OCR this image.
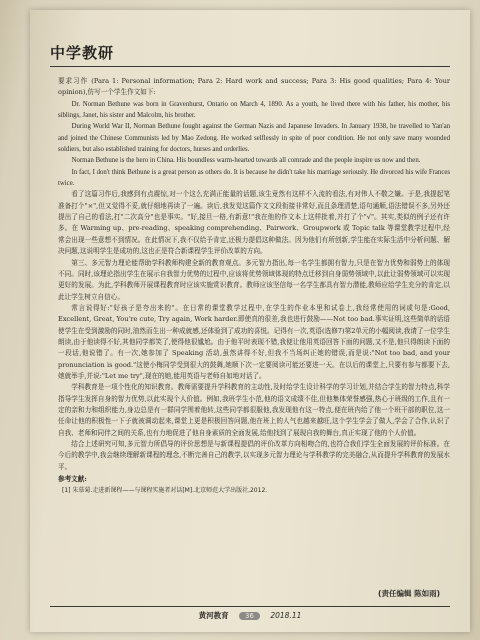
中学教研

要求习作 (Para 1: Personal information; Para 2: Hard work and success; Para 3: His good qualities; Para 4: Your opinion),仿写一个学生作文如下:

Dr. Norman Bethune was born in Gravenhurst, Ontario on March 4, 1890. As a youth, he lived there with his father, his mother, his siblings, Janet, his sister and Malcolm, his brother.

During World War II, Norman Bethune fought against the German Nazis and Japanese Invaders. In January 1938, he travelled to Yan'an and joined the Chinese Communists led by Mao Zedong. He worked selflessly in spite of poor condition. He not only save many wounded soldiers, but also established training for doctors, hurses and orderlies.

Norman Bethune is the hero in China. His boundless warm-hearted towards all comrade and the people inspire us now and then.

In fact, I don't think Bethune is a great person as others do. It is because he didn't take his marriage seriously. He divorced his wife Frances twice.

看了这篇习作后,我感到有点震惊,对一个这么充满正能量的话题,该生竟然有这样不入流的看法,有对伟人不敬之嫌。于是,我提起笔准备打个"×",但又觉得不妥,就仔细地再读了一遍。读后,我发觉这篇作文文段衔接非常好,而且条理清楚,语句通顺,语法错误不多,另外还提出了自己的看法,打"二次高分"也是事实。"好,接旦一格,有新意!"我在他的作文本上这样批着,并打了个"√"。其实,类似的例子还有许多。在 Warming up、pre-reading、speaking comprehending、Pairwork、Groupwork 或 Topic talk 等课堂教学过程中,经常会出现一些意想不到情况。在此情况下,我不仅给予肯定,还极力提倡这种做法。因为他们有所创新,学生能在实际生活中分析问题、解决问题,这说明学生是成功的,这也正是符合新课程学生评价改革的方向。

第三、多元智力理论能帮助学科教师构建全新的教育观点。多元智力指出,每一名学生都拥有智力,只是在智力优势和弱势上的体现不同。同时,该理论指出学生在展示自我智力优势的过程中,应该将优势领域体现的特点迁移到自身弱势领域中,以此让弱势领域可以实现更好的发展。为此,学科教师开展课程教育时应该实施赏识教育。教师应该坚信每一名学生都具有智力潜能,教师应给学生充分的肯定,以此让学生树立自信心。

常言说得好:"好孩子是夸出来的"。在日常的课堂教学过程中,在学生的作业本里和试卷上,我经常使用的词或句是:Good, Excellent, Great, You're cute, Try again, Work harder.即使真的很差,我也进行鼓励——Not too bad.事实证明,这些简单的话语使学生在受到激励的同时,油然而生出一种成就感,还体验到了成功的喜悦。记得有一次,英语(选修7)第2单元的小幅阅读,我请了一位学生朗读,由于他读得不好,其他同学都笑了,使得他很尴尬。由于他平时表现不错,我便让他用英语回答下面的问题,又不是,他只得朗读下面的一段话,他说错了。有一次,她参加了 Speaking 活动,虽然讲得不好,但我不当场纠正她的错误,而是说:"Not too bad, and your pronunciation is good."这使小梅同学受到很大的鼓舞,她顺下次一定要阅读可能还要进一天。在以后的课堂上,只要有参与都要下去,她就举手,并说:"Let me try",现在的她,能用英语与老师自如地对话了。

学科教育是一项个性化的知识教育。教师需要提升学科教育的主动性,及时给学生设计科学的学习计划,并结合学生的智力特点,科学指导学生发挥自身的智力优势,以此实现个人价值。例如,我班学生小范,他的语文成绩不佳,但他集体荣誉感强,热心于班级的工作,且有一定的亲和力和组织能力,身边总是有一群同学围着他转,这些同学都很服他,我发现他有这一特点,便在班内给了他一个班干部的职位,这一任命让他的积极性一下子就被调动起来,课堂上更是积极回答问题,他在班上的人气也越来越旺,这个学生学会了做人,学会了合作,认识了自我、老师和同伴之间的关系,也有力地促进了他自身素质的全面发展,给他找到了展现自我的舞台,真正实现了他的个人价值。

结合上述研究可知,多元智力所倡导的评价思想是与新课程提倡的评价改革方向相吻合的,也符合我们学生全面发展的评价标准。在今后的教学中,我会继续理解新课程的理念,不断完善自己的教学,以实现多元智力理论与学科教学的完美融合,从而提升学科教育的发展水平。

参考文献:

[1] 朱慕菊.走进新课程——与课程实施者对话[M].北京师范大学出版社,2012.

(责任编辑 陈如雨)
黄河教育 36 2018.11
